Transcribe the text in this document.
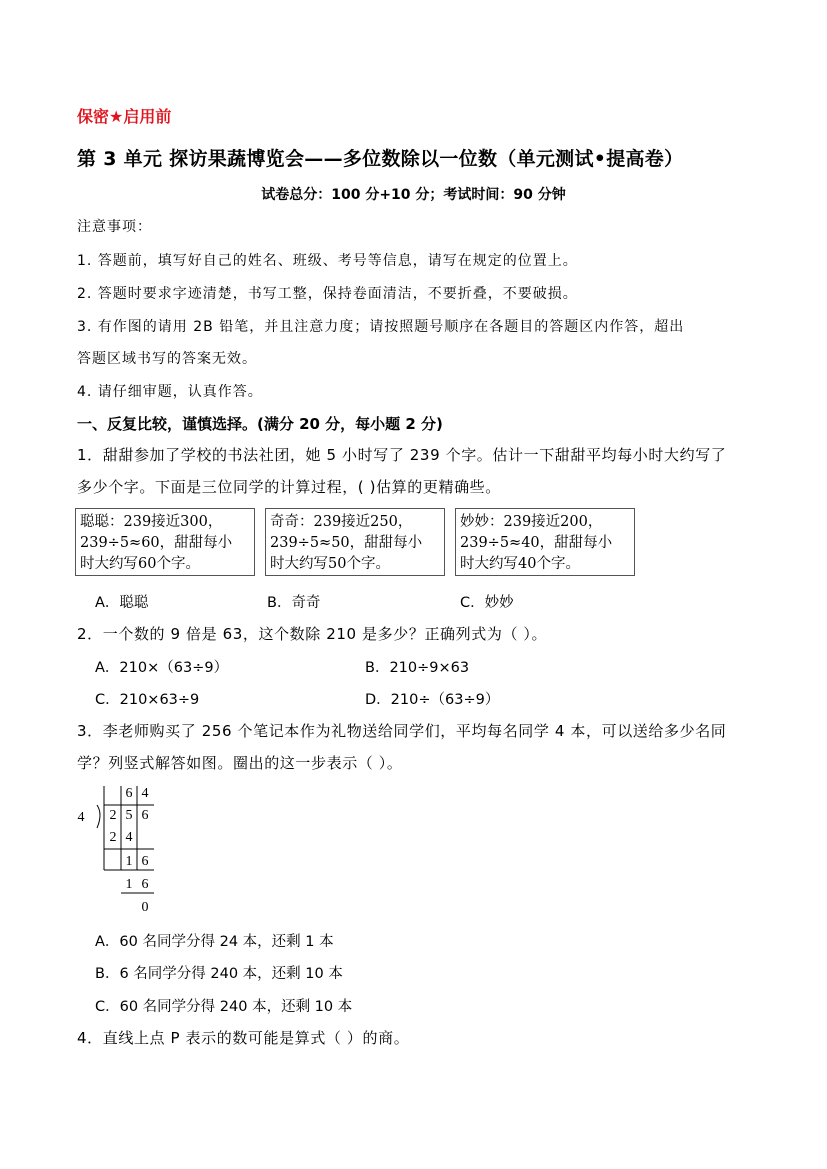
保密★启用前
第 3 单元 探访果蔬博览会——多位数除以一位数（单元测试•提高卷）
试卷总分：100 分+10 分；考试时间：90 分钟
注意事项：
1. 答题前，填写好自己的姓名、班级、考号等信息，请写在规定的位置上。
2. 答题时要求字迹清楚，书写工整，保持卷面清洁，不要折叠，不要破损。
3. 有作图的请用 2B 铅笔，并且注意力度；请按照题号顺序在各题目的答题区内作答，超出
答题区域书写的答案无效。
4. 请仔细审题，认真作答。
一、反复比较，谨慎选择。(满分 20 分，每小题 2 分)
1．甜甜参加了学校的书法社团，她 5 小时写了 239 个字。估计一下甜甜平均每小时大约写了
多少个字。下面是三位同学的计算过程，( )估算的更精确些。
聪聪：239接近300，
239÷5≈60，甜甜每小
时大约写60个字。
奇奇：239接近250，
239÷5≈50，甜甜每小
时大约写50个字。
妙妙：239接近200，
239÷5≈40，甜甜每小
时大约写40个字。
A．聪聪	B．奇奇	C．妙妙
2．一个数的 9 倍是 63，这个数除 210 是多少？正确列式为（ ）。
A．210×（63÷9）	B．210÷9×63
C．210×63÷9	D．210÷（63÷9）
3．李老师购买了 256 个笔记本作为礼物送给同学们，平均每名同学 4 本，可以送给多少名同
学？列竖式解答如图。圈出的这一步表示（ ）。
4
6 4
2 5 6
2 4
1 6
1 6
0
A．60 名同学分得 24 本，还剩 1 本
B．6 名同学分得 240 本，还剩 10 本
C．60 名同学分得 240 本，还剩 10 本
4．直线上点 P 表示的数可能是算式（ ）的商。
